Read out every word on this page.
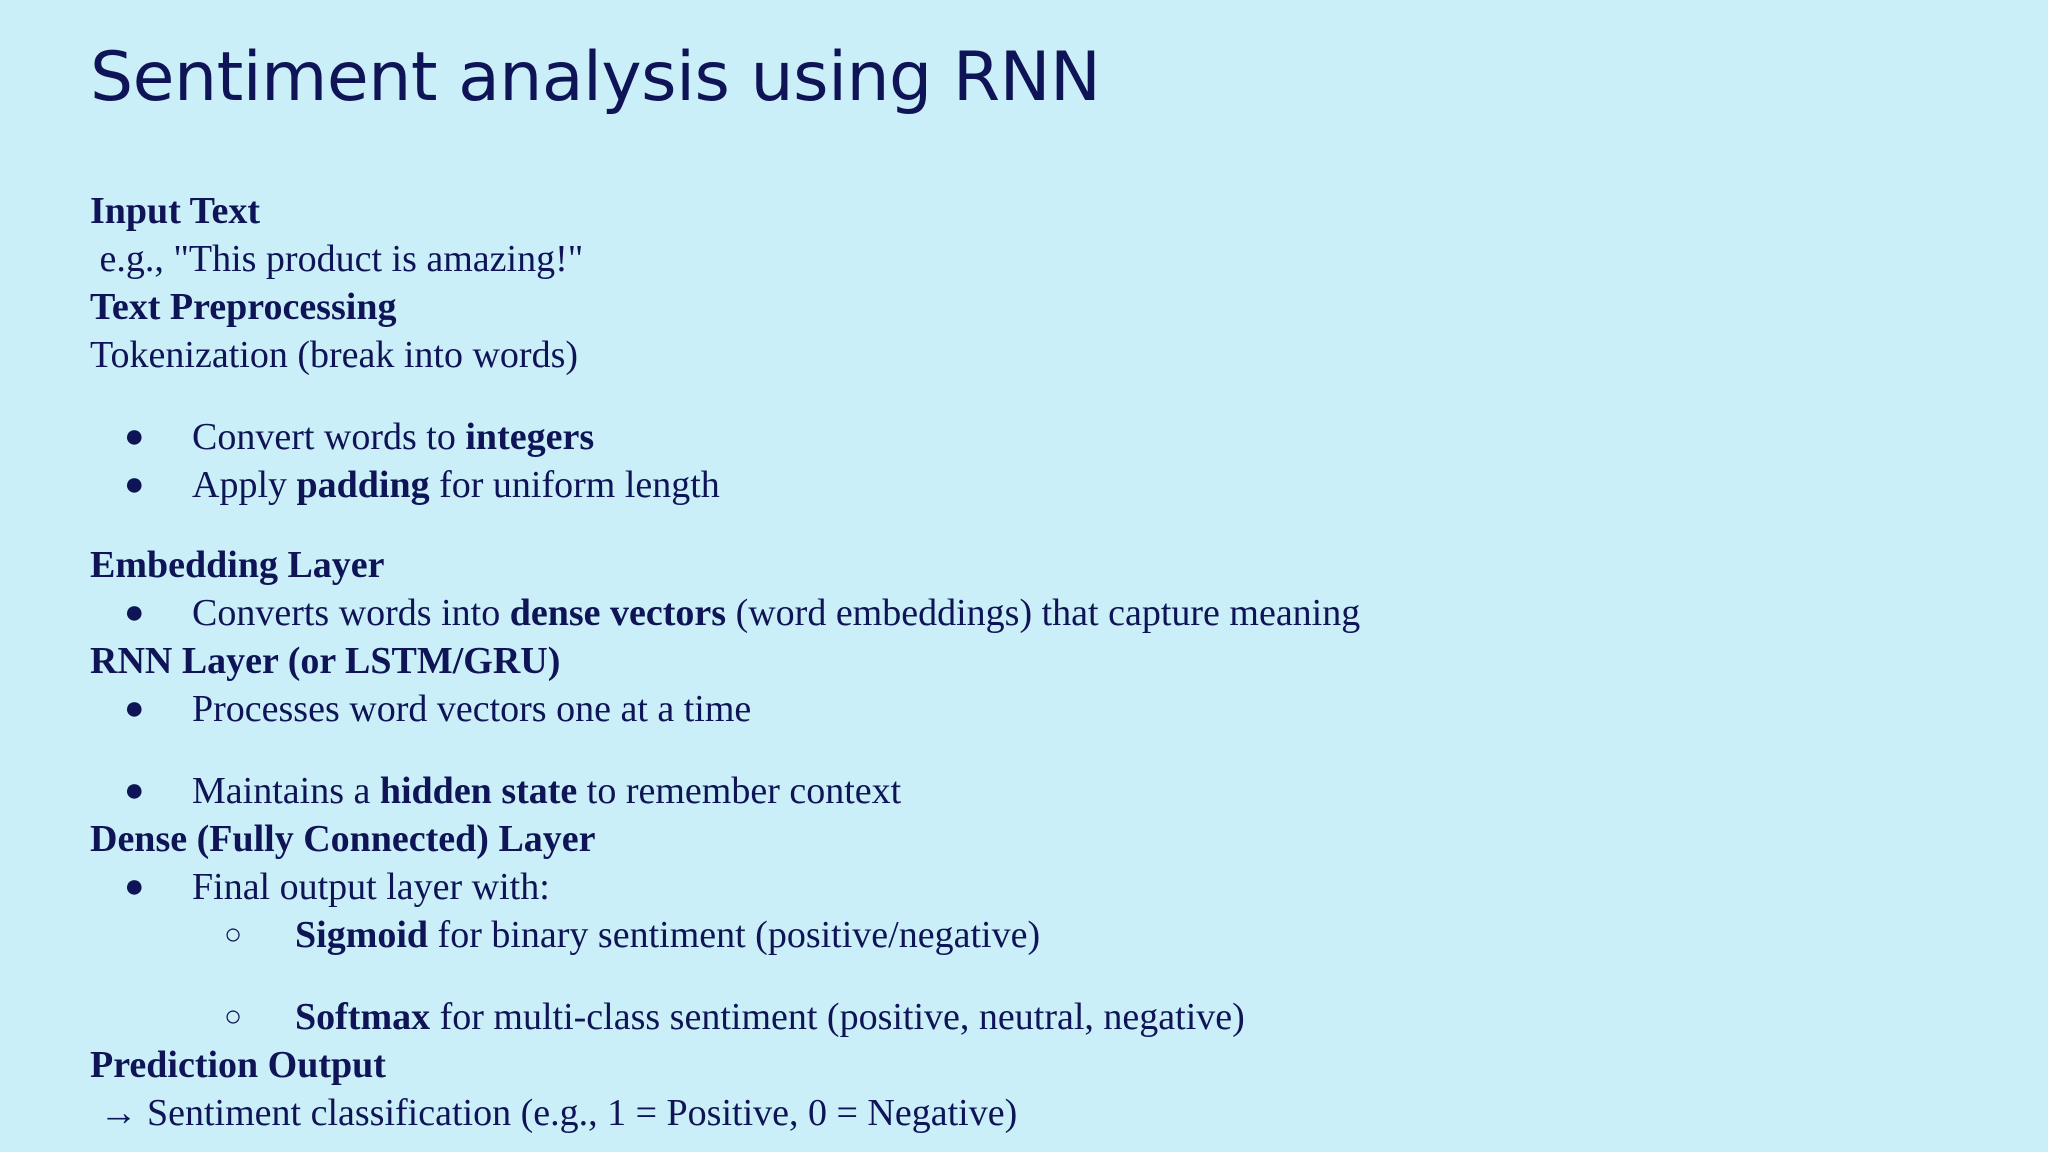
Sentiment analysis using RNN
Input Text
e.g., "This product is amazing!"
Text Preprocessing
Tokenization (break into words)
● Convert words to integers
● Apply padding for uniform length
Embedding Layer
● Converts words into dense vectors (word embeddings) that capture meaning
RNN Layer (or LSTM/GRU)
● Processes word vectors one at a time
● Maintains a hidden state to remember context
Dense (Fully Connected) Layer
● Final output layer with:
○ Sigmoid for binary sentiment (positive/negative)
○ Softmax for multi-class sentiment (positive, neutral, negative)
Prediction Output
→ Sentiment classification (e.g., 1 = Positive, 0 = Negative)
